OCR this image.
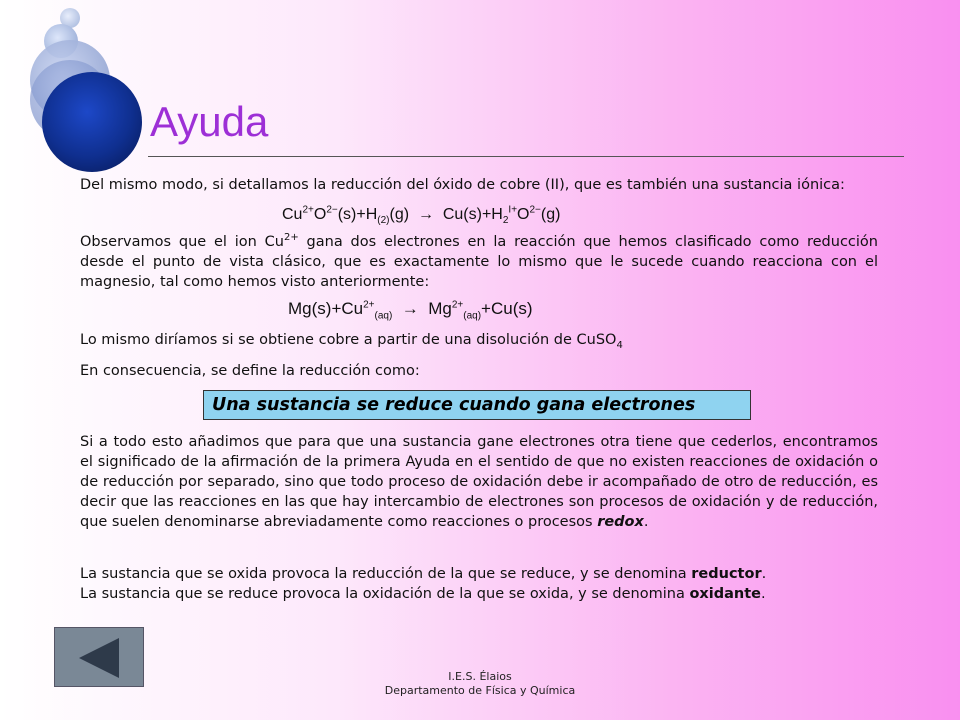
Ayuda

Del mismo modo, si detallamos la reducción del óxido de cobre (II), que es también una sustancia iónica:

$Cu^{2+}O^{2-}(s)+H_{(2)}(g) \to Cu(s)+H_2^{I+}O^{2-}(g)$

Observamos que el ion $Cu^{2+}$ gana dos electrones en la reacción que hemos clasificado como reducción desde el punto de vista clásico, que es exactamente lo mismo que le sucede cuando reacciona con el magnesio, tal como hemos visto anteriormente:

$Mg(s)+Cu^{2+}_{(aq)} \to Mg^{2+}_{(aq)}+Cu(s)$

Lo mismo diríamos si se obtiene cobre a partir de una disolución de CuSO$_4$

En consecuencia, se define la reducción como:

Si a todo esto añadimos que para que una sustancia gane electrones otra tiene que cederlos, encontramos el significado de la afirmación de la primera Ayuda en el sentido de que no existen reacciones de oxidación o de reducción por separado, sino que todo proceso de oxidación debe ir acompañado de otro de reducción, es decir que las reacciones en las que hay intercambio de electrones son procesos de oxidación y de reducción, que suelen denominarse abreviadamente como reacciones o procesos redox.

La sustancia que se oxida provoca la reducción de la que se reduce, y se denomina reductor.
La sustancia que se reduce provoca la oxidación de la que se oxida, y se denomina oxidante.

Una sustancia se reduce cuando gana electrones
I.E.S. Élaios
Departamento de Física y Química
